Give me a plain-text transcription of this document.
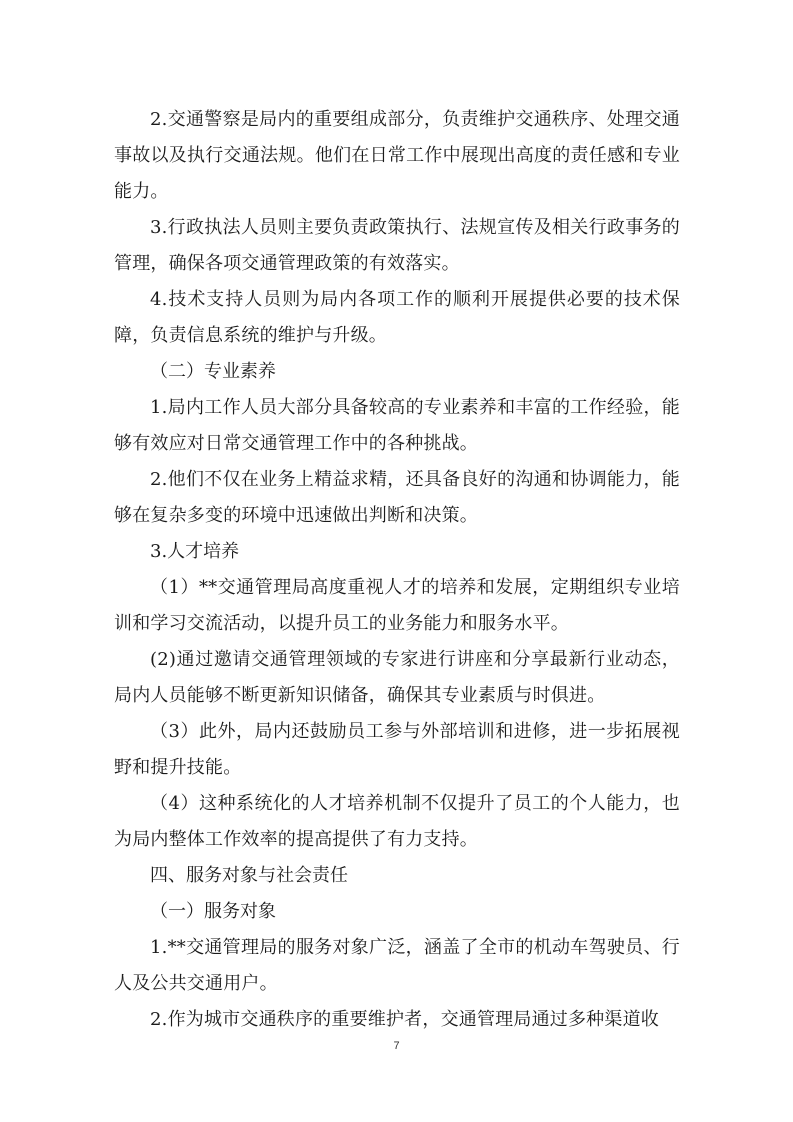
2.交通警察是局内的重要组成部分，负责维护交通秩序、处理交通事故以及执行交通法规。他们在日常工作中展现出高度的责任感和专业能力。

3.行政执法人员则主要负责政策执行、法规宣传及相关行政事务的管理，确保各项交通管理政策的有效落实。

4.技术支持人员则为局内各项工作的顺利开展提供必要的技术保障，负责信息系统的维护与升级。

（二）专业素养

1.局内工作人员大部分具备较高的专业素养和丰富的工作经验，能够有效应对日常交通管理工作中的各种挑战。

2.他们不仅在业务上精益求精，还具备良好的沟通和协调能力，能够在复杂多变的环境中迅速做出判断和决策。

3.人才培养

（1）**交通管理局高度重视人才的培养和发展，定期组织专业培训和学习交流活动，以提升员工的业务能力和服务水平。

(2)通过邀请交通管理领域的专家进行讲座和分享最新行业动态，局内人员能够不断更新知识储备，确保其专业素质与时俱进。

（3）此外，局内还鼓励员工参与外部培训和进修，进一步拓展视野和提升技能。

（4）这种系统化的人才培养机制不仅提升了员工的个人能力，也为局内整体工作效率的提高提供了有力支持。

四、服务对象与社会责任

（一）服务对象

1.**交通管理局的服务对象广泛，涵盖了全市的机动车驾驶员、行人及公共交通用户。

2.作为城市交通秩序的重要维护者，交通管理局通过多种渠道收

7
